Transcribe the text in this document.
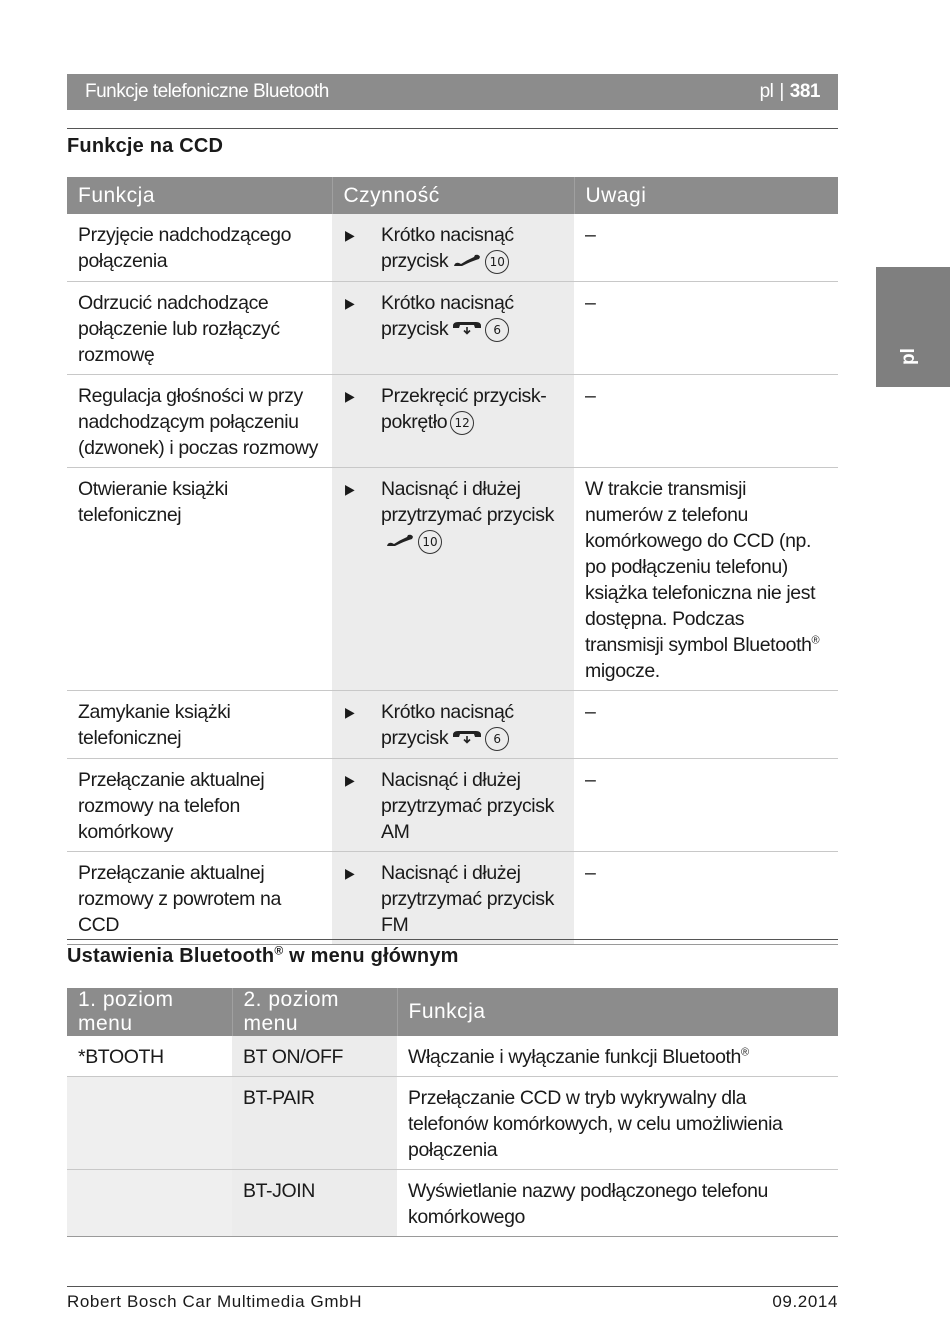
Funkcje telefoniczne Bluetooth	pl | 381
pl
Funkcje na CCD
Funkcja	Czynność	Uwagi
Przyjęcie nadchodzącego połączenia	▶ Krótko nacisnąć przycisk 10	–
Odrzucić nadchodzące połączenie lub rozłączyć rozmowę	▶ Krótko nacisnąć przycisk 6	–
Regulacja głośności w przy nadchodzącym połączeniu (dzwonek) i poczas rozmowy	▶ Przekręcić przycisk-pokrętło 12	–
Otwieranie książki telefonicznej	▶ Nacisnąć i dłużej przytrzymać przycisk10	W trakcie transmisji numerów z telefonu komórkowego do CCD (np. po podłączeniu telefonu) książka telefoniczna nie jest dostępna. Podczas transmisji symbol Bluetooth® migocze.
Zamykanie książki telefonicznej	▶ Krótko nacisnąć przycisk 6	–
Przełączanie aktualnej rozmowy na telefon komórkowy	▶ Nacisnąć i dłużej przytrzymać przycisk AM	–
Przełączanie aktualnej rozmowy z powrotem na CCD	▶ Nacisnąć i dłużej przytrzymać przycisk FM	–
Ustawienia Bluetooth® w menu głównym
1. poziom menu	2. poziom menu	Funkcja
*BTOOTH	BT ON/OFF	Włączanie i wyłączanie funkcji Bluetooth®
	BT-PAIR	Przełączanie CCD w tryb wykrywalny dla telefonów komórkowych, w celu umożliwienia połączenia
	BT-JOIN	Wyświetlanie nazwy podłączonego telefonu komórkowego
Robert Bosch Car Multimedia GmbH	09.2014
